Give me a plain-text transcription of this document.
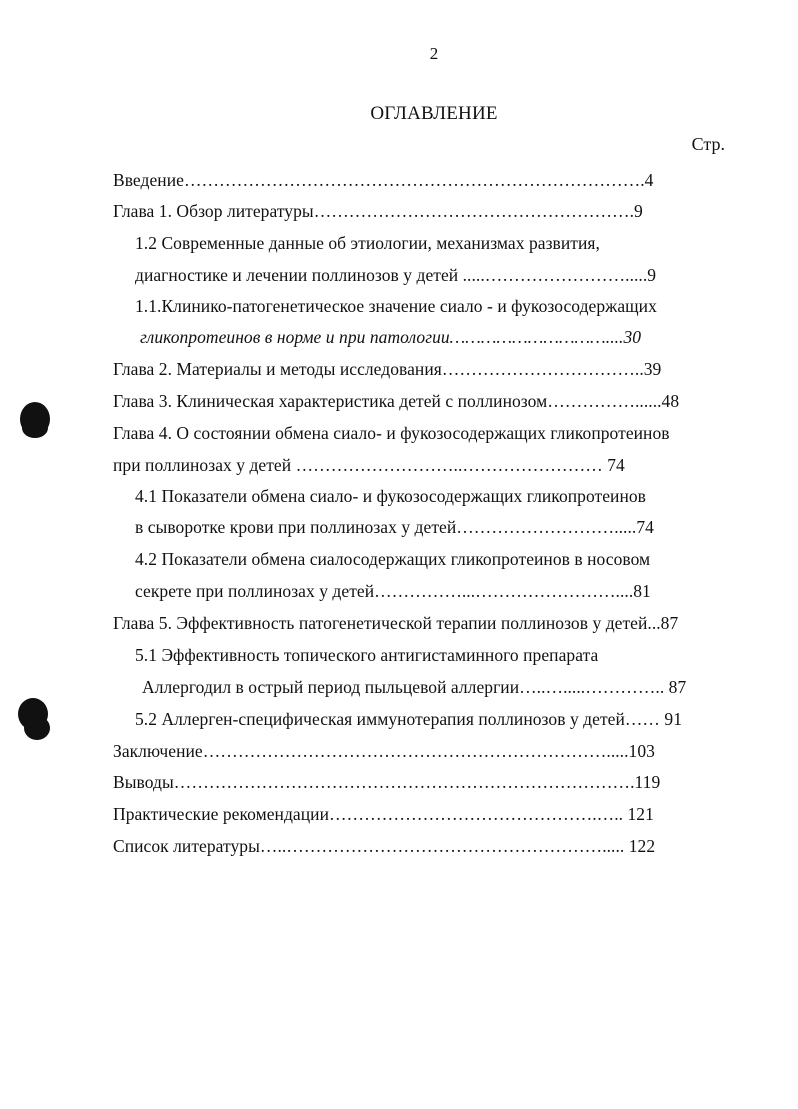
2
ОГЛАВЛЕНИЕ
Стр.
Введение…………………………………………………………………….4
Глава 1. Обзор литературы……………………………………………….9
1.2 Современные данные об этиологии, механизмах развития,
диагностике и лечении поллинозов у детей .....…………………….....9
1.1.Клинико-патогенетическое значение сиало - и фукозосодержащих
гликопротеинов в норме и при патологии…………………………....30
Глава 2. Материалы и методы исследования……………………………..39
Глава 3. Клиническая характеристика детей с поллинозом……………......48
Глава 4. О состоянии обмена сиало- и фукозосодержащих гликопротеинов
при поллинозах у детей ………………………..…………………… 74
4.1 Показатели обмена сиало- и фукозосодержащих гликопротеинов
в сыворотке крови при поллинозах у детей……………………….....74
4.2 Показатели обмена сиалосодержащих гликопротеинов в носовом
секрете при поллинозах у детей……………...……………………....81
Глава 5. Эффективность патогенетической терапии поллинозов у детей...87
5.1 Эффективность топического антигистаминного препарата
Аллергодил в острый период пыльцевой аллергии…..….....………….. 87
5.2 Аллерген-специфическая иммунотерапия поллинозов у детей…… 91
Заключение…………………………………………………………….....103
Выводы…………………………………………………………………….119
Практические рекомендации……………………………………….….. 121
Список литературы…..………………………………………………..... 122
